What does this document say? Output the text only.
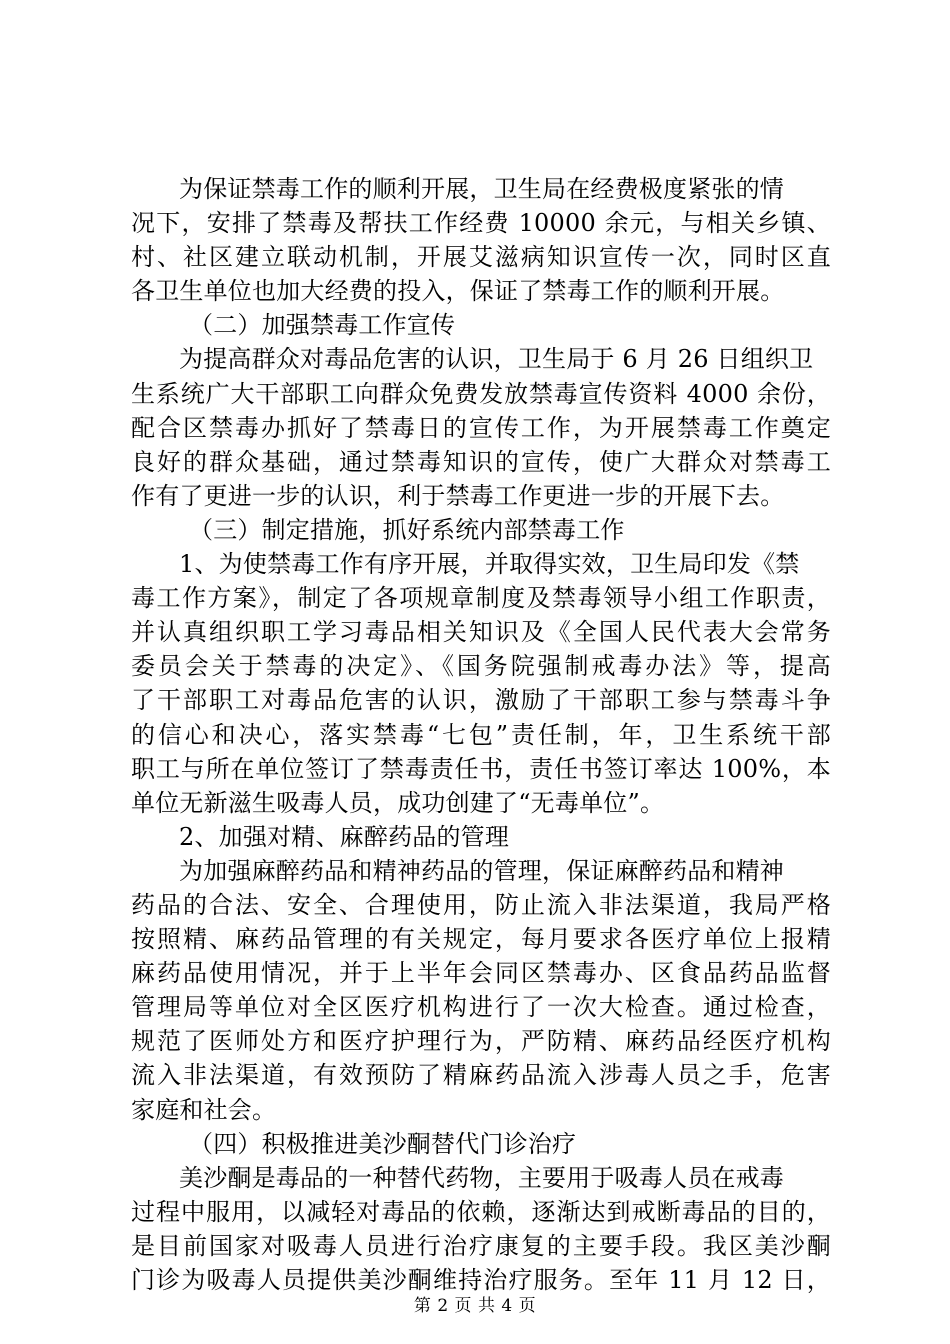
为保证禁毒工作的顺利开展，卫生局在经费极度紧张的情
况下，安排了禁毒及帮扶工作经费 10000 余元，与相关乡镇、
村、社区建立联动机制，开展艾滋病知识宣传一次，同时区直
各卫生单位也加大经费的投入，保证了禁毒工作的顺利开展。
（二）加强禁毒工作宣传
为提高群众对毒品危害的认识，卫生局于 6 月 26 日组织卫
生系统广大干部职工向群众免费发放禁毒宣传资料 4000 余份，
配合区禁毒办抓好了禁毒日的宣传工作，为开展禁毒工作奠定
良好的群众基础，通过禁毒知识的宣传，使广大群众对禁毒工
作有了更进一步的认识，利于禁毒工作更进一步的开展下去。
（三）制定措施，抓好系统内部禁毒工作
1、为使禁毒工作有序开展，并取得实效，卫生局印发《禁
毒工作方案》，制定了各项规章制度及禁毒领导小组工作职责，
并认真组织职工学习毒品相关知识及《全国人民代表大会常务
委员会关于禁毒的决定》、《国务院强制戒毒办法》等，提高
了干部职工对毒品危害的认识，激励了干部职工参与禁毒斗争
的信心和决心，落实禁毒“七包”责任制，年，卫生系统干部
职工与所在单位签订了禁毒责任书，责任书签订率达 100%，本
单位无新滋生吸毒人员，成功创建了“无毒单位”。
2、加强对精、麻醉药品的管理
为加强麻醉药品和精神药品的管理，保证麻醉药品和精神
药品的合法、安全、合理使用，防止流入非法渠道，我局严格
按照精、麻药品管理的有关规定，每月要求各医疗单位上报精
麻药品使用情况，并于上半年会同区禁毒办、区食品药品监督
管理局等单位对全区医疗机构进行了一次大检查。通过检查，
规范了医师处方和医疗护理行为，严防精、麻药品经医疗机构
流入非法渠道，有效预防了精麻药品流入涉毒人员之手，危害
家庭和社会。
（四）积极推进美沙酮替代门诊治疗
美沙酮是毒品的一种替代药物，主要用于吸毒人员在戒毒
过程中服用，以减轻对毒品的依赖，逐渐达到戒断毒品的目的，
是目前国家对吸毒人员进行治疗康复的主要手段。我区美沙酮
门诊为吸毒人员提供美沙酮维持治疗服务。至年 11 月 12 日，
第 2 页 共 4 页
